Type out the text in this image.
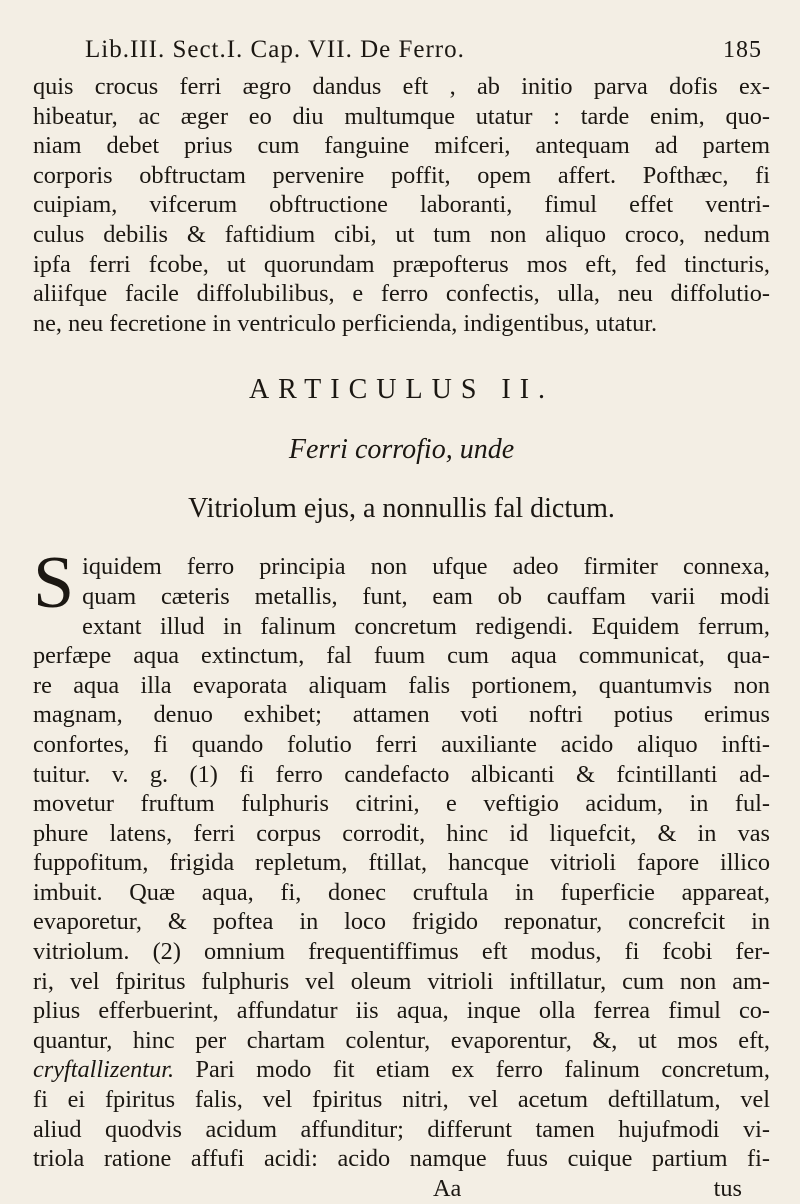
Lib.III. Sect.I. Cap. VII. De Ferro.	185
quis crocus ferri ægro dandus eft , ab initio parva dofis ex-
hibeatur, ac æger eo diu multumque utatur : tarde enim, quo-
niam debet prius cum fanguine mifceri, antequam ad partem
corporis obftructam pervenire poffit, opem affert. Pofthæc, fi
cuipiam, vifcerum obftructione laboranti, fimul effet ventri-
culus debilis & faftidium cibi, ut tum non aliquo croco, nedum
ipfa ferri fcobe, ut quorundam præpofterus mos eft, fed tincturis,
aliifque facile diffolubilibus, e ferro confectis, ulla, neu diffolutio-
ne, neu fecretione in ventriculo perficienda, indigentibus, utatur.
ARTICULUS II.
Ferri corrofio, unde
Vitriolum ejus, a nonnullis fal dictum.
S iquidem ferro principia non ufque adeo firmiter connexa,
quam cæteris metallis, funt, eam ob cauffam varii modi
extant illud in falinum concretum redigendi. Equidem ferrum,
perfæpe aqua extinctum, fal fuum cum aqua communicat, qua-
re aqua illa evaporata aliquam falis portionem, quantumvis non
magnam, denuo exhibet; attamen voti noftri potius erimus
confortes, fi quando folutio ferri auxiliante acido aliquo infti-
tuitur. v. g. (1) fi ferro candefacto albicanti & fcintillanti ad-
movetur fruftum fulphuris citrini, e veftigio acidum, in ful-
phure latens, ferri corpus corrodit, hinc id liquefcit, & in vas
fuppofitum, frigida repletum, ftillat, hancque vitrioli fapore illico
imbuit. Quæ aqua, fi, donec cruftula in fuperficie appareat,
evaporetur, & poftea in loco frigido reponatur, concrefcit in
vitriolum. (2) omnium frequentiffimus eft modus, fi fcobi fer-
ri, vel fpiritus fulphuris vel oleum vitrioli inftillatur, cum non am-
plius efferbuerint, affundatur iis aqua, inque olla ferrea fimul co-
quantur, hinc per chartam colentur, evaporentur, &, ut mos eft,
cryftallizentur. Pari modo fit etiam ex ferro falinum concretum,
fi ei fpiritus falis, vel fpiritus nitri, vel acetum deftillatum, vel
aliud quodvis acidum affunditur; differunt tamen hujufmodi vi-
triola ratione affufi acidi: acido namque fuus cuique partium fi-
Aa	tus
